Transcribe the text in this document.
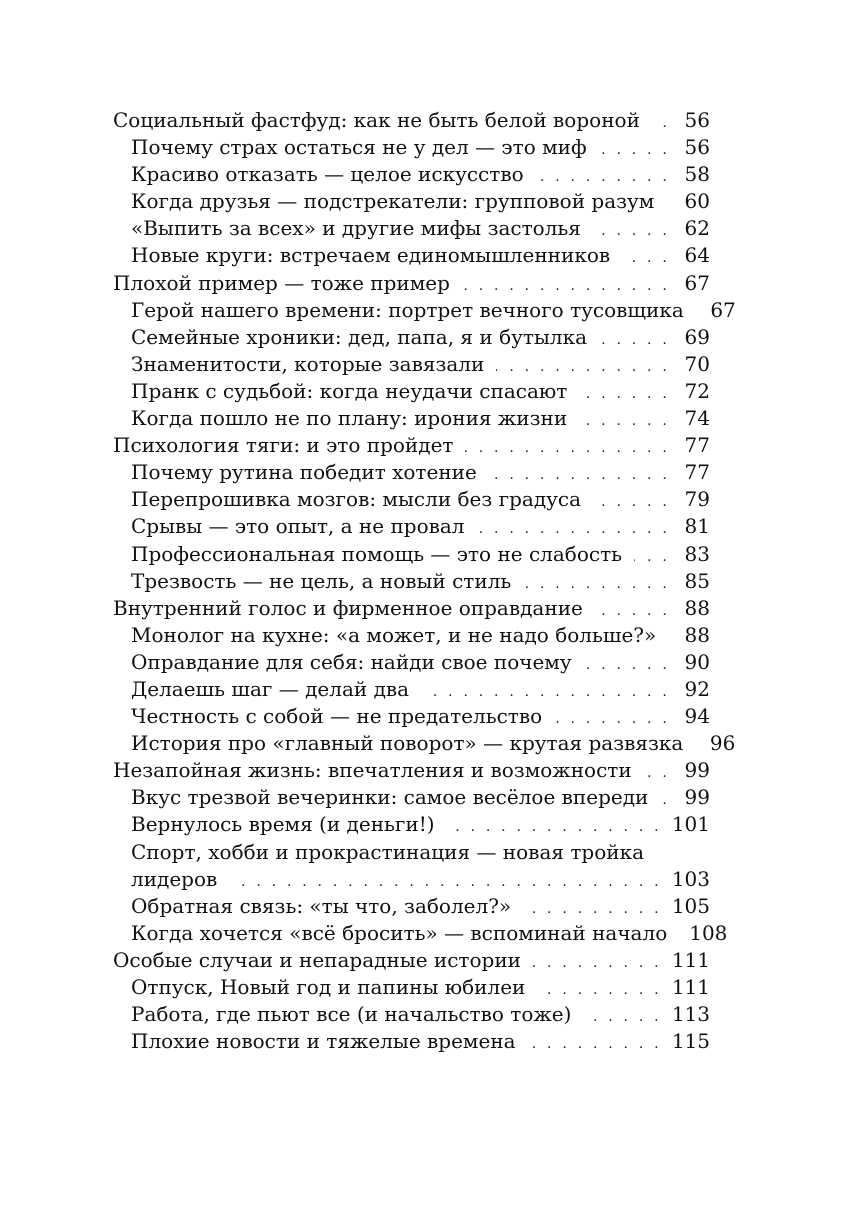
Социальный фастфуд: как не быть белой вороной . . . 56
Почему страх остаться не у дел — это миф . . .	56
Красиво отказать — целое искусство . . .	58
Когда друзья — подстрекатели: групповой разум . . . 60
«Выпить за всех» и другие мифы застолья . . .	62
Новые круги: встречаем единомышленников . . .	64
Плохой пример — тоже пример . . .	67
Герой нашего времени: портрет вечного тусовщика 67
Семейные хроники: дед, папа, я и бутылка . . .	69
Знаменитости, которые завязали . . .	70
Пранк с судьбой: когда неудачи спасают . . .	72
Когда пошло не по плану: ирония жизни . . .	74
Психология тяги: и это пройдет . . .	77
Почему рутина победит хотение . . .	77
Перепрошивка мозгов: мысли без градуса . . .	79
Срывы — это опыт, а не провал . . .	81
Профессиональная помощь — это не слабость . . .	83
Трезвость — не цель, а новый стиль . . .	85
Внутренний голос и фирменное оправдание . . .	88
Монолог на кухне: «а может, и не надо больше?» . . . 88
Оправдание для себя: найди свое почему . . .	90
Делаешь шаг — делай два . . .	92
Честность с собой — не предательство . . .	94
История про «главный поворот» — крутая развязка 96
Незапойная жизнь: впечатления и возможности . . .	99
Вкус трезвой вечеринки: самое весёлое впереди . . . 99
Вернулось время (и деньги!) . . .	101
Спорт, хобби и прокрастинация — новая тройка
лидеров . . .	103
Обратная связь: «ты что, заболел?» . . .	105
Когда хочется «всё бросить» — вспоминай начало 108
Особые случаи и непарадные истории . . .	111
Отпуск, Новый год и папины юбилеи . . .	111
Работа, где пьют все (и начальство тоже) . . .	113
Плохие новости и тяжелые времена . . .	115
